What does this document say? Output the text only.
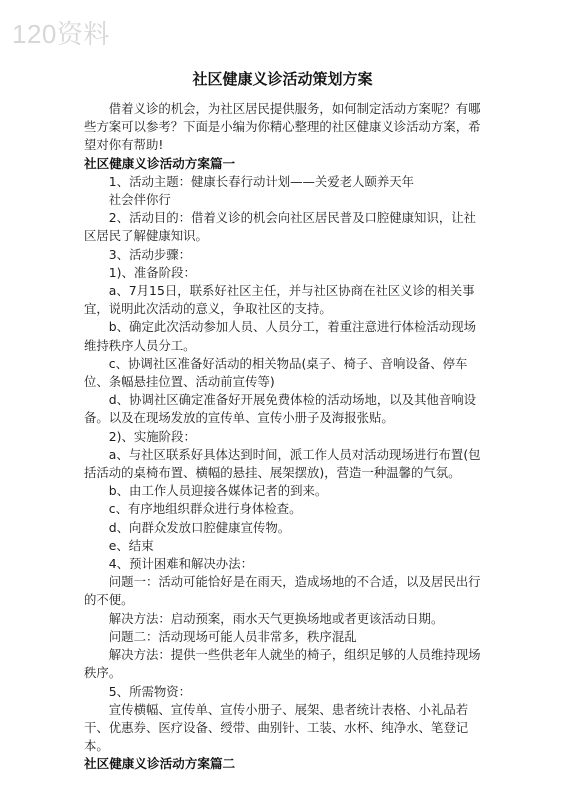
120资料
社区健康义诊活动策划方案

借着义诊的机会，为社区居民提供服务，如何制定活动方案呢？有哪些方案可以参考？下面是小编为你精心整理的社区健康义诊活动方案，希望对你有帮助!

社区健康义诊活动方案篇一

1、活动主题：健康长春行动计划——关爱老人颐养天年

社会伴你行

2、活动目的：借着义诊的机会向社区居民普及口腔健康知识，让社区居民了解健康知识。

3、活动步骤：

1)、准备阶段：

a、7月15日，联系好社区主任，并与社区协商在社区义诊的相关事宜，说明此次活动的意义，争取社区的支持。

b、确定此次活动参加人员、人员分工，着重注意进行体检活动现场维持秩序人员分工。

c、协调社区准备好活动的相关物品(桌子、椅子、音响设备、停车位、条幅悬挂位置、活动前宣传等)

d、协调社区确定准备好开展免费体检的活动场地，以及其他音响设备。以及在现场发放的宣传单、宣传小册子及海报张贴。

2)、实施阶段：

a、与社区联系好具体达到时间，派工作人员对活动现场进行布置(包括活动的桌椅布置、横幅的悬挂、展架摆放)，营造一种温馨的气氛。

b、由工作人员迎接各媒体记者的到来。

c、有序地组织群众进行身体检查。

d、向群众发放口腔健康宣传物。

e、结束

4、预计困难和解决办法：

问题一：活动可能恰好是在雨天，造成场地的不合适，以及居民出行的不便。

解决方法：启动预案，雨水天气更换场地或者更该活动日期。

问题二：活动现场可能人员非常多，秩序混乱

解决方法：提供一些供老年人就坐的椅子，组织足够的人员维持现场秩序。

5、所需物资：

宣传横幅、宣传单、宣传小册子、展架、患者统计表格、小礼品若干、优惠券、医疗设备、绶带、曲别针、工装、水杯、纯净水、笔登记本。

社区健康义诊活动方案篇二
